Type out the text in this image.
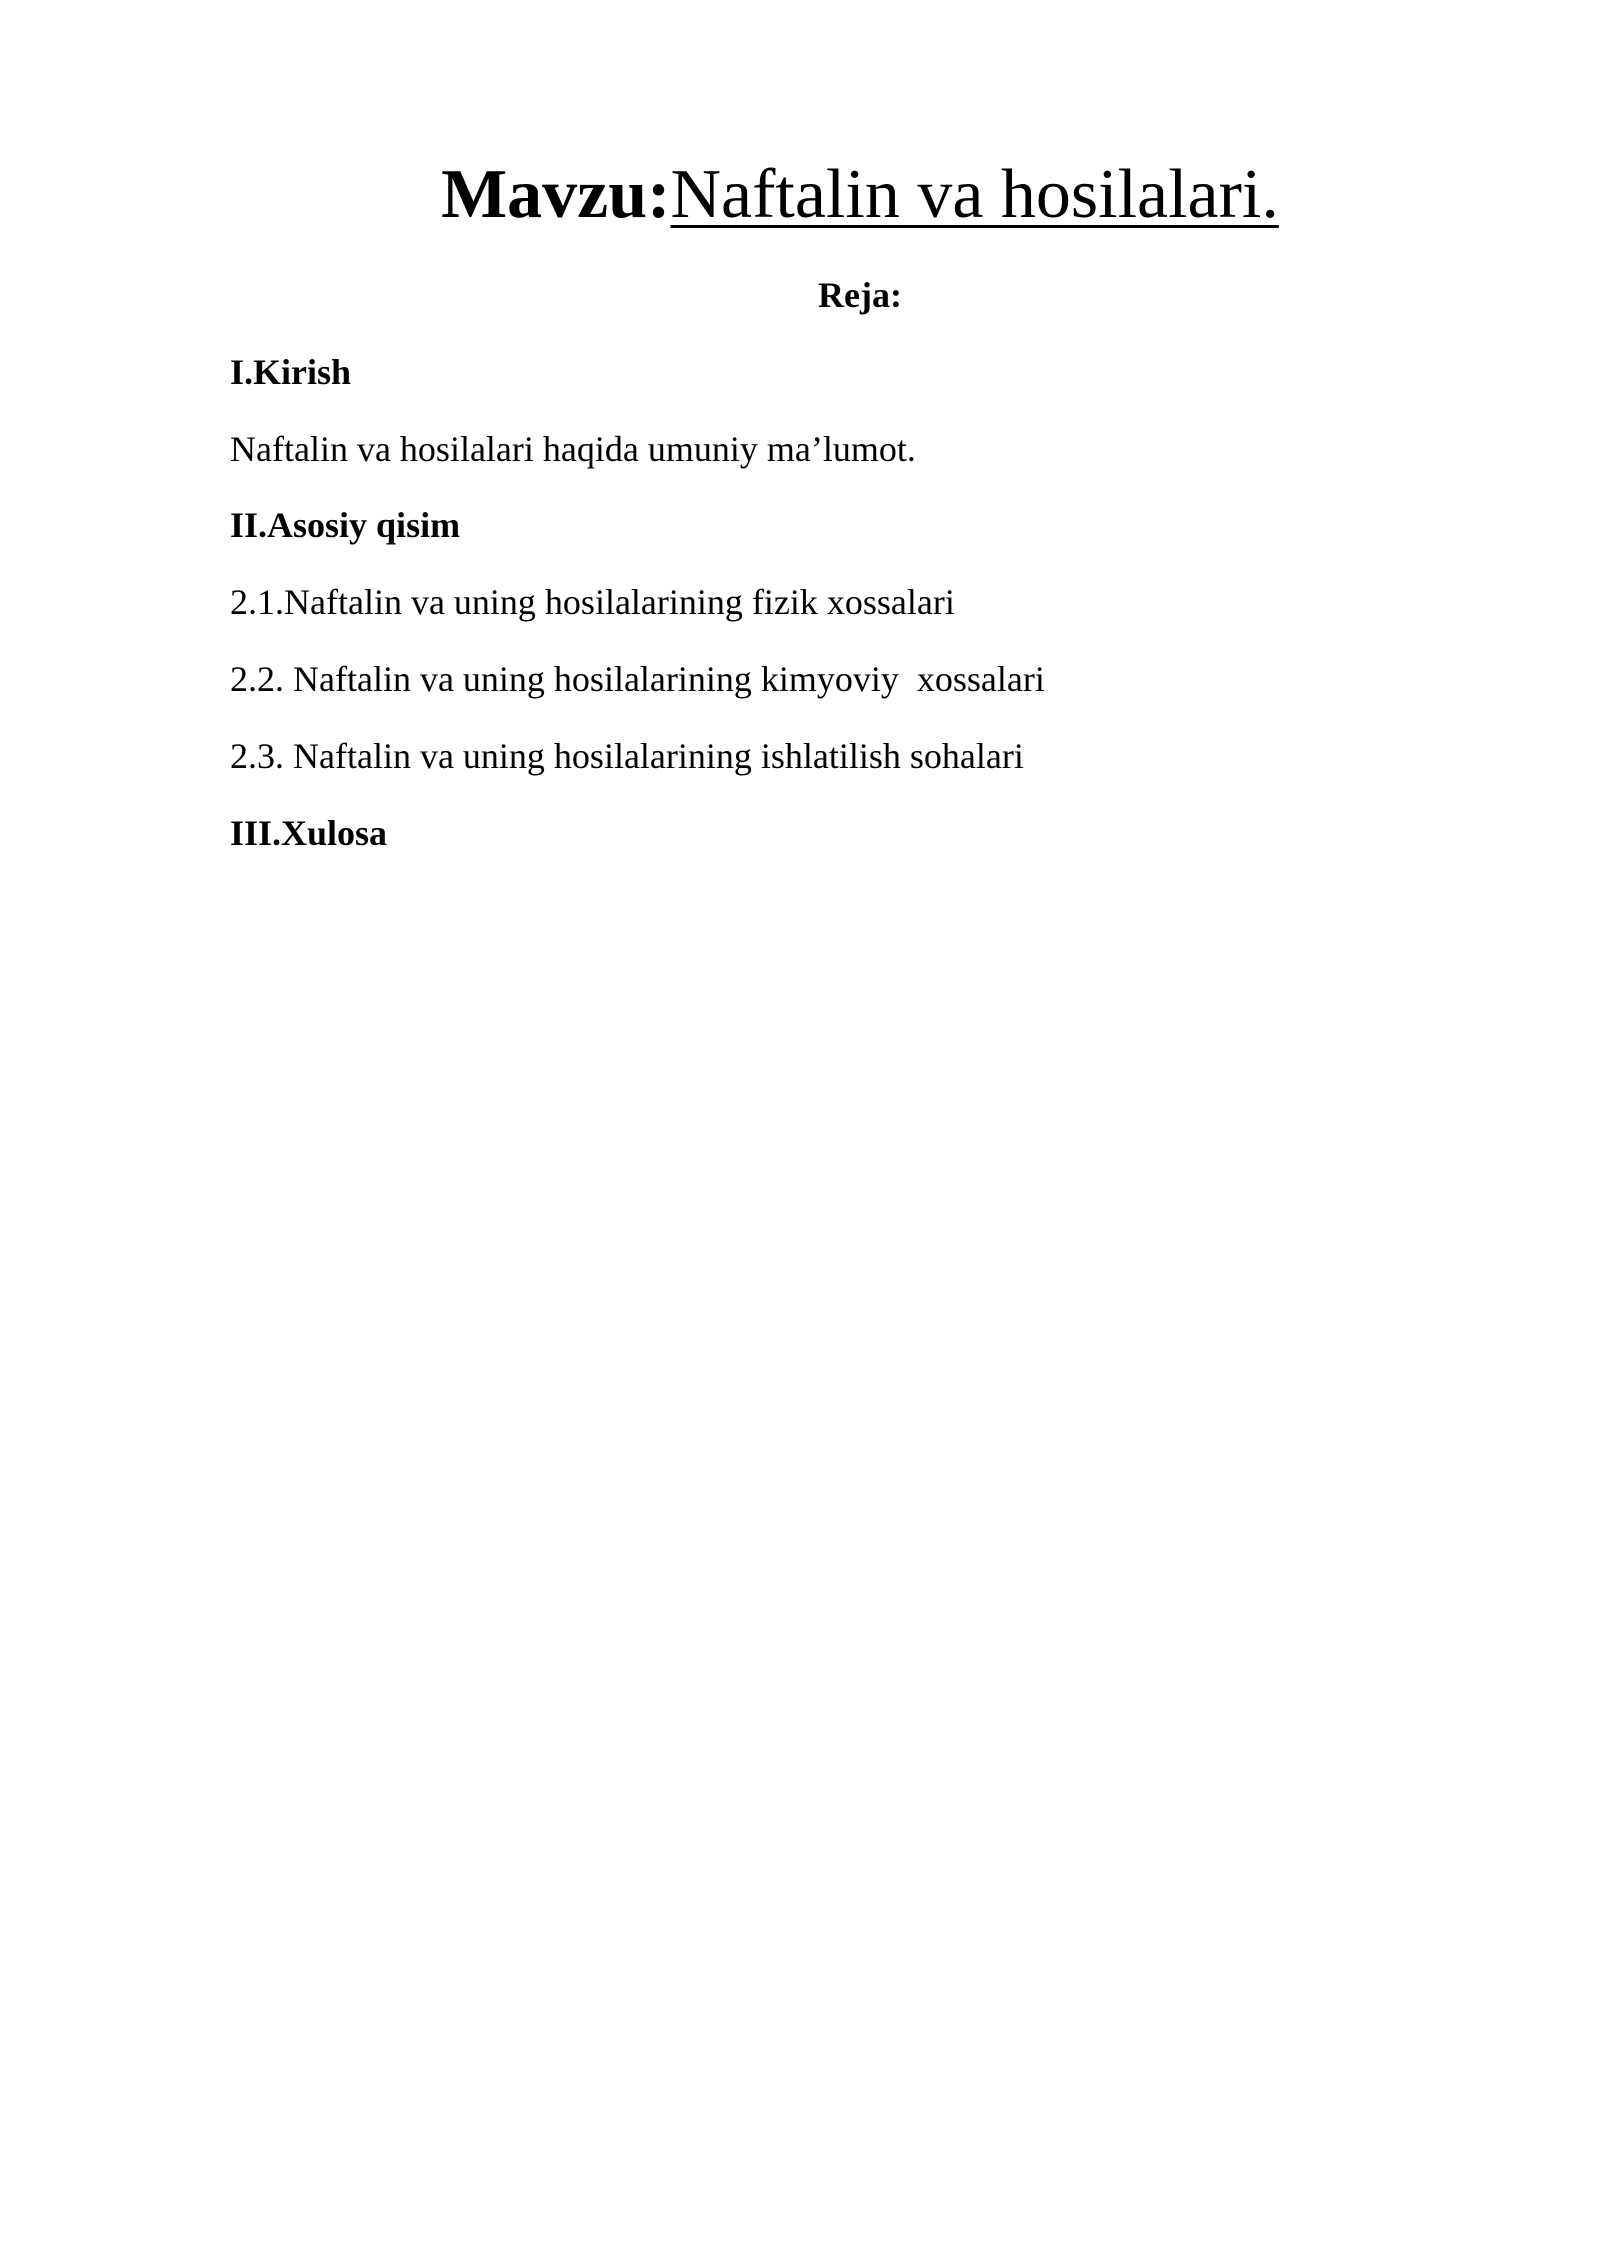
Mavzu:Naftalin va hosilalari.
Reja:
I.Kirish
Naftalin va hosilalari haqida umuniy ma’lumot.
II.Asosiy qisim
2.1.Naftalin va uning hosilalarining fizik xossalari
2.2. Naftalin va uning hosilalarining kimyoviy  xossalari
2.3. Naftalin va uning hosilalarining ishlatilish sohalari
III.Xulosa
